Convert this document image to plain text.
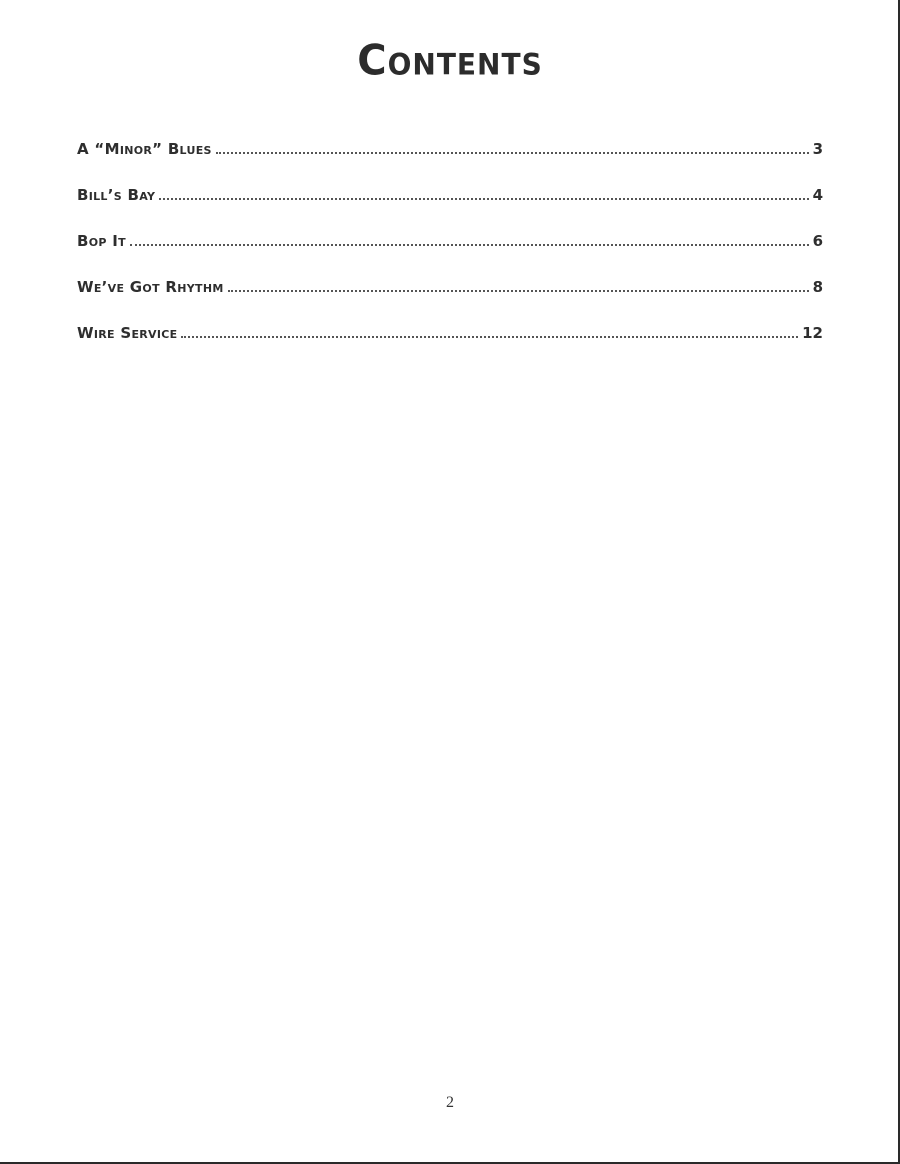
Contents
A “Minor” Blues	3
Bill’s Bay	4
Bop It	6
We’ve Got Rhythm	8
Wire Service	12
2
